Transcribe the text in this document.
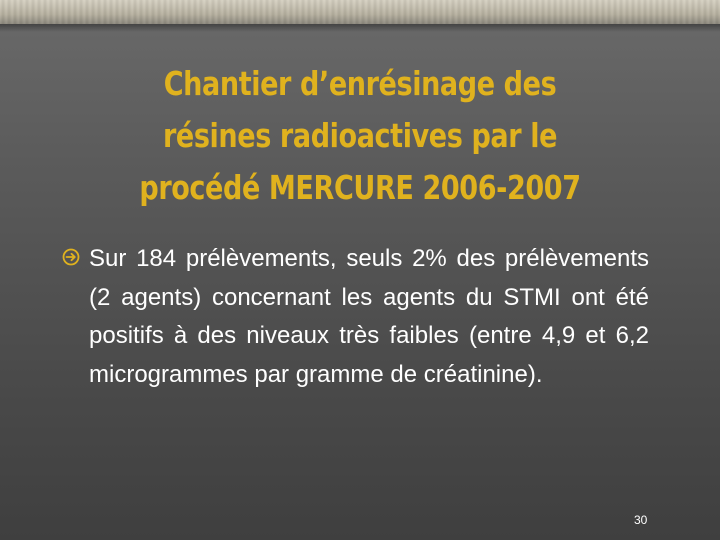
Chantier d’enrésinage des résines radioactives par le procédé MERCURE 2006-2007
Sur 184 prélèvements, seuls 2% des prélèvements (2 agents) concernant les agents du STMI ont été positifs à des niveaux très faibles (entre 4,9 et 6,2 microgrammes par gramme de créatinine).
30
